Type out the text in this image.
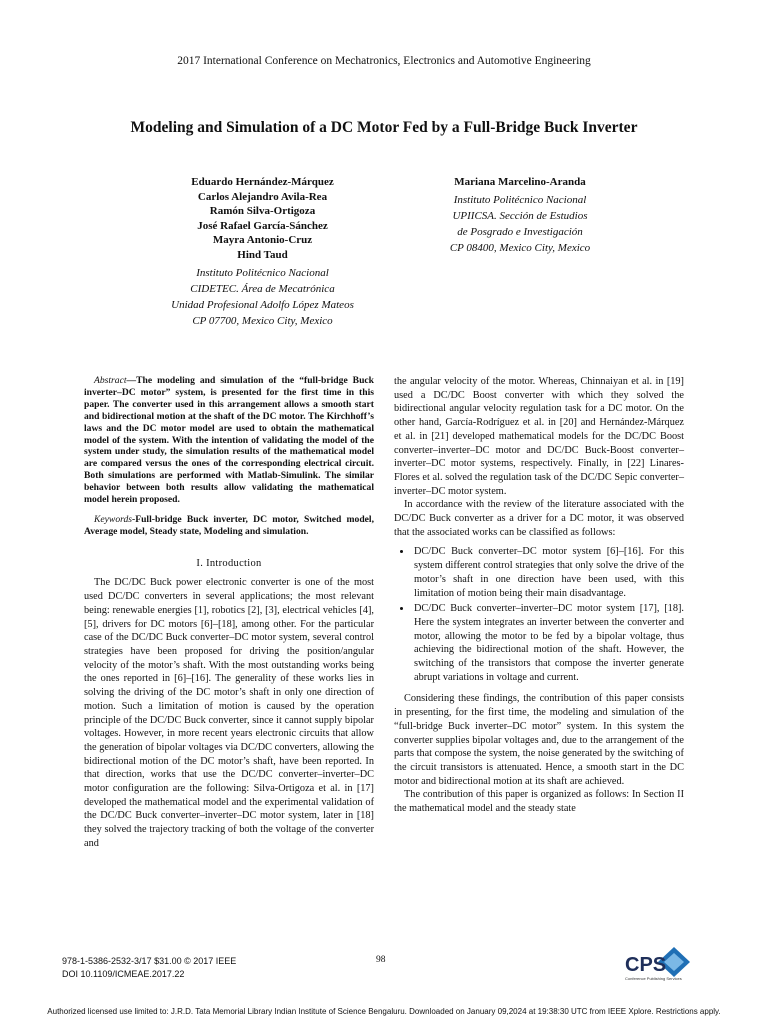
2017 International Conference on Mechatronics, Electronics and Automotive Engineering
Modeling and Simulation of a DC Motor Fed by a Full-Bridge Buck Inverter
Eduardo Hernández-Márquez
Carlos Alejandro Avila-Rea
Ramón Silva-Ortigoza
José Rafael García-Sánchez
Mayra Antonio-Cruz
Hind Taud
Instituto Politécnico Nacional
CIDETEC. Área de Mecatrónica
Unidad Profesional Adolfo López Mateos
CP 07700, Mexico City, Mexico
Mariana Marcelino-Aranda
Instituto Politécnico Nacional
UPIICSA. Sección de Estudios
de Posgrado e Investigación
CP 08400, Mexico City, Mexico

Abstract—The modeling and simulation of the “full-bridge Buck inverter–DC motor” system, is presented for the first time in this paper. The converter used in this arrangement allows a smooth start and bidirectional motion at the shaft of the DC motor. The Kirchhoff’s laws and the DC motor model are used to obtain the mathematical model of the system. With the intention of validating the model of the system under study, the simulation results of the mathematical model are compared versus the ones of the corresponding electrical circuit. Both simulations are performed with Matlab-Simulink. The similar behavior between both results allow validating the mathematical model herein proposed.

Keywords-Full-bridge Buck inverter, DC motor, Switched model, Average model, Steady state, Modeling and simulation.

I. Introduction

The DC/DC Buck power electronic converter is one of the most used DC/DC converters in several applications; the most relevant being: renewable energies [1], robotics [2], [3], electrical vehicles [4], [5], drivers for DC motors [6]–[18], among other. For the particular case of the DC/DC Buck converter–DC motor system, several control strategies have been proposed for driving the position/angular velocity of the motor’s shaft. With the most outstanding works being the ones reported in [6]–[16]. The generality of these works lies in solving the driving of the DC motor’s shaft in only one direction of motion. Such a limitation of motion is caused by the operation principle of the DC/DC Buck converter, since it cannot supply bipolar voltages. However, in more recent years electronic circuits that allow the generation of bipolar voltages via DC/DC converters, allowing the bidirectional motion of the DC motor’s shaft, have been reported. In that direction, works that use the DC/DC converter–inverter–DC motor configuration are the following: Silva-Ortigoza et al. in [17] developed the mathematical model and the experimental validation of the DC/DC Buck converter–inverter–DC motor system, later in [18] they solved the trajectory tracking of both the voltage of the converter and

the angular velocity of the motor. Whereas, Chinnaiyan et al. in [19] used a DC/DC Boost converter with which they solved the bidirectional angular velocity regulation task for a DC motor. On the other hand, García-Rodríguez et al. in [20] and Hernández-Márquez et al. in [21] developed mathematical models for the DC/DC Boost converter–inverter–DC motor and DC/DC Buck-Boost converter–inverter–DC motor systems, respectively. Finally, in [22] Linares-Flores et al. solved the regulation task of the DC/DC Sepic converter–inverter–DC motor system.

In accordance with the review of the literature associated with the DC/DC Buck converter as a driver for a DC motor, it was observed that the associated works can be classified as follows:

• DC/DC Buck converter–DC motor system [6]–[16]. For this system different control strategies that only solve the drive of the motor’s shaft in one direction have been used, with this limitation of motion being their main disadvantage.
• DC/DC Buck converter–inverter–DC motor system [17], [18]. Here the system integrates an inverter between the converter and motor, allowing the motor to be fed by a bipolar voltage, thus achieving the bidirectional motion of the shaft. However, the switching of the transistors that compose the inverter generate abrupt variations in voltage and current.

Considering these findings, the contribution of this paper consists in presenting, for the first time, the modeling and simulation of the “full-bridge Buck inverter–DC motor” system. In this system the converter supplies bipolar voltages and, due to the arrangement of the parts that compose the system, the noise generated by the switching of the circuit transistors is attenuated. Hence, a smooth start in the DC motor and bidirectional motion at its shaft are achieved.

The contribution of this paper is organized as follows: In Section II the mathematical model and the steady state

978-1-5386-2532-3/17 $31.00 © 2017 IEEE
DOI 10.1109/ICMEAE.2017.22
98	CPS
Conference Publishing Services
Authorized licensed use limited to: J.R.D. Tata Memorial Library Indian Institute of Science Bengaluru. Downloaded on January 09,2024 at 19:38:30 UTC from IEEE Xplore. Restrictions apply.
